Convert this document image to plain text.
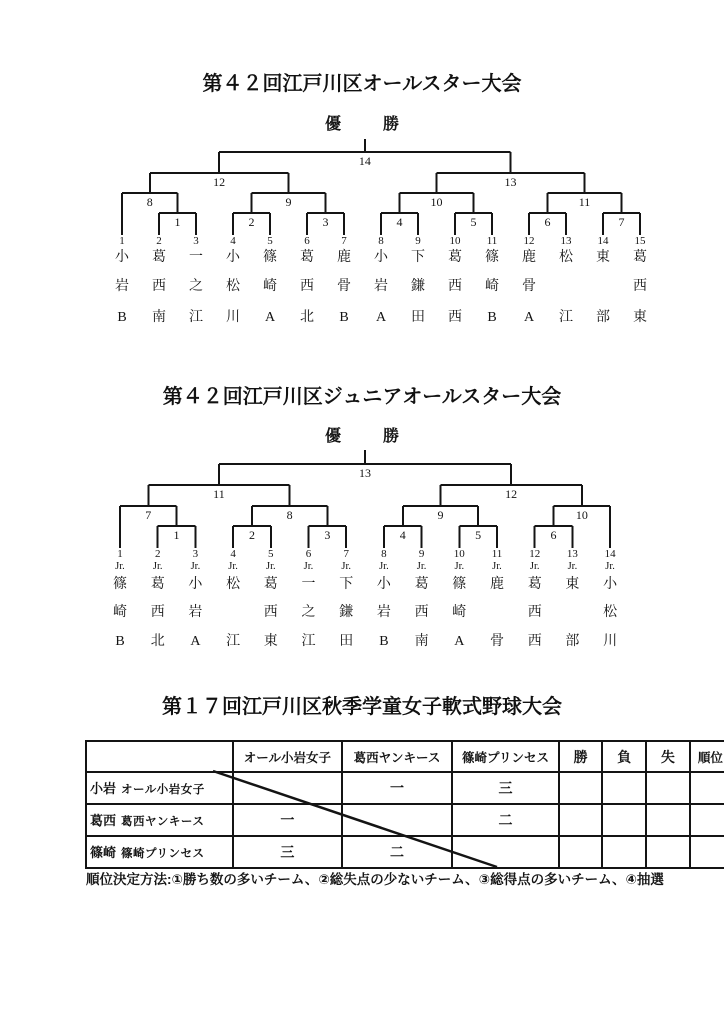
第４２回江戸川区オールスター大会
優	勝
1	2	3	4	5	6	7
8	9	10	11
12	13
14
1
小
岩
B
2
葛
西
南
3
一
之
江
4
小
松
川
5
篠
崎
A
6
葛
西
北
7
鹿
骨
B
8
小
岩
A
9
下
鎌
田
10
葛
西
西
11
篠
崎
B
12
鹿
骨
A
13
松
江
14
東
部
15
葛
西
東
第４２回江戸川区ジュニアオールスター大会
優	勝
1	2	3	4	5	6
7	8	9	10
11	12
13
1
Jr.
篠
崎
B
2
Jr.
葛
西
北
3
Jr.
小
岩
A
4
Jr.
松
江
5
Jr.
葛
西
東
6
Jr.
一
之
江
7
Jr.
下
鎌
田
8
Jr.
小
岩
B
9
Jr.
葛
西
南
10
Jr.
篠
崎
A
11
Jr.
鹿
骨
12
Jr.
葛
西
西
13
Jr.
東
部
14
Jr.
小
松
川
第１７回江戸川区秋季学童女子軟式野球大会
	オール小岩女子	葛西ヤンキース	篠崎プリンセス	勝	負	失	順位
小岩 オール小岩女子		一	三				
葛西 葛西ヤンキース	一		二				
篠崎 篠崎プリンセス	三	二					
順位決定方法:①勝ち数の多いチーム、②総失点の少ないチーム、③総得点の多いチーム、④抽選
